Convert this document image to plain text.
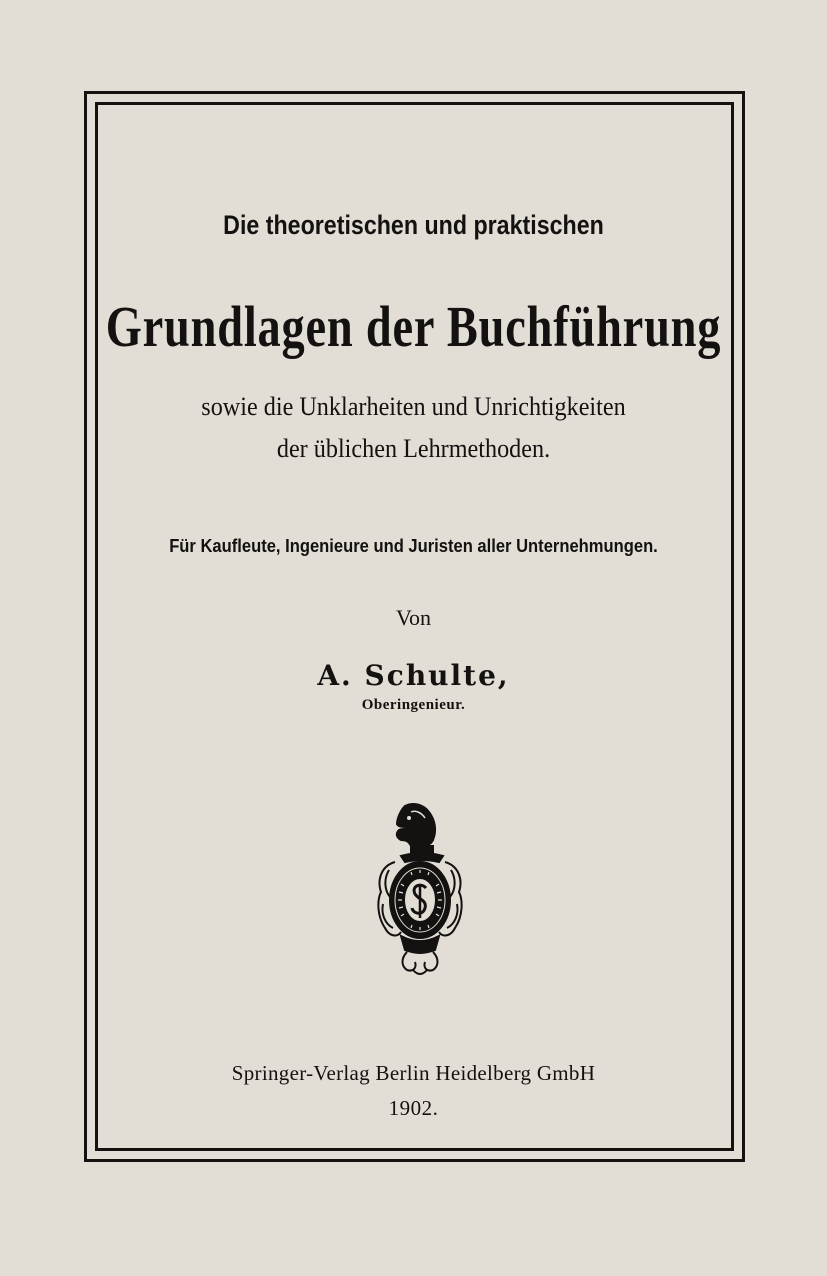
Die theoretischen und praktischen
Grundlagen der Buchführung
sowie die Unklarheiten und Unrichtigkeiten
der üblichen Lehrmethoden.
Für Kaufleute, Ingenieure und Juristen aller Unternehmungen.
Von
A. Schulte,
Oberingenieur.
Springer-Verlag Berlin Heidelberg GmbH
1902.
